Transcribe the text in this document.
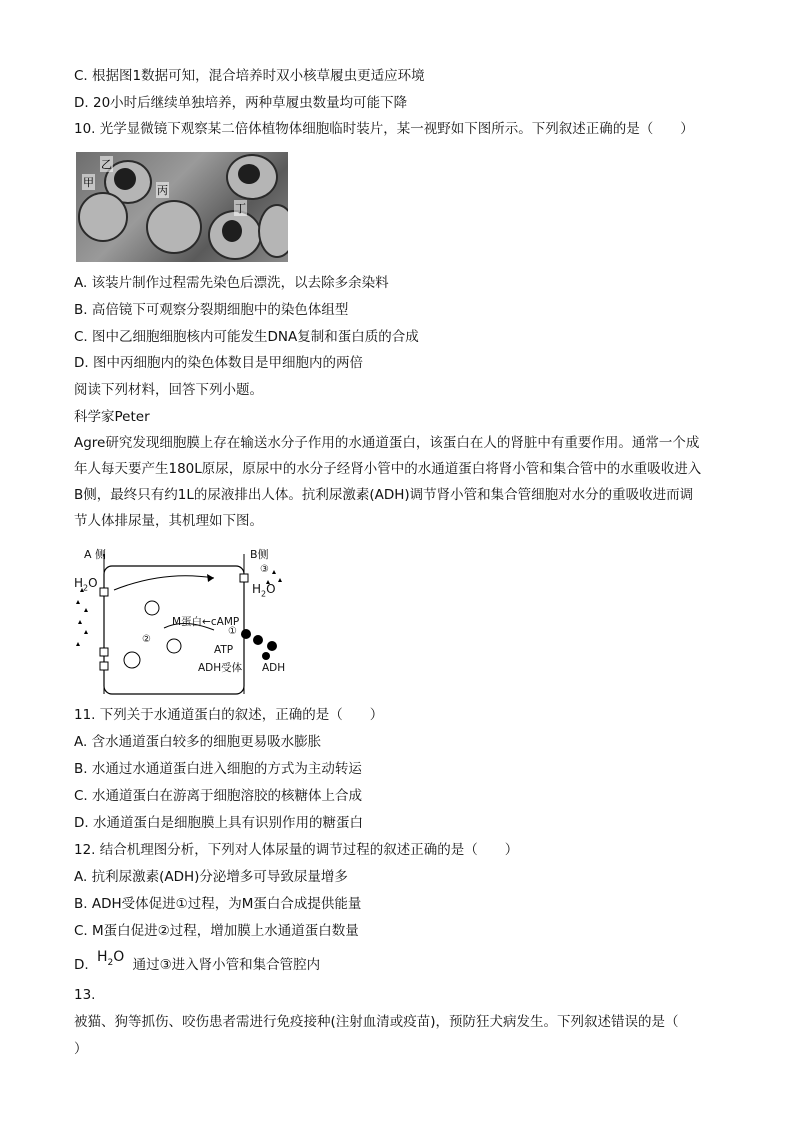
C. 根据图1数据可知，混合培养时双小核草履虫更适应环境
D. 20小时后继续单独培养，两种草履虫数量均可能下降
10. 光学显微镜下观察某二倍体植物体细胞临时装片，某一视野如下图所示。下列叙述正确的是（　　）
乙
甲
丙
丁
A. 该装片制作过程需先染色后漂洗，以去除多余染料
B. 高倍镜下可观察分裂期细胞中的染色体组型
C. 图中乙细胞细胞核内可能发生DNA复制和蛋白质的合成
D. 图中丙细胞内的染色体数目是甲细胞内的两倍
阅读下列材料，回答下列小题。
科学家Peter
Agre研究发现细胞膜上存在输送水分子作用的水通道蛋白，该蛋白在人的肾脏中有重要作用。通常一个成
年人每天要产生180L原尿，原尿中的水分子经肾小管中的水通道蛋白将肾小管和集合管中的水重吸收进入
B侧，最终只有约1L的尿液排出人体。抗利尿激素(ADH)调节肾小管和集合管细胞对水分的重吸收进而调
节人体排尿量，其机理如下图。
A 侧	B侧
$H_2O$	$H_2O$
③
M蛋白←cAMP
①
②
ATP
ADH受体 ADH
11. 下列关于水通道蛋白的叙述，正确的是（　　）
A. 含水通道蛋白较多的细胞更易吸水膨胀
B. 水通过水通道蛋白进入细胞的方式为主动转运
C. 水通道蛋白在游离于细胞溶胶的核糖体上合成
D. 水通道蛋白是细胞膜上具有识别作用的糖蛋白
12. 结合机理图分析，下列对人体尿量的调节过程的叙述正确的是（　　）
A. 抗利尿激素(ADH)分泌增多可导致尿量增多
B. ADH受体促进①过程，为M蛋白合成提供能量
C. M蛋白促进②过程，增加膜上水通道蛋白数量
D. $H_2O$ 通过③进入肾小管和集合管腔内
13.
被猫、狗等抓伤、咬伤患者需进行免疫接种(注射血清或疫苗)，预防狂犬病发生。下列叙述错误的是（
）
